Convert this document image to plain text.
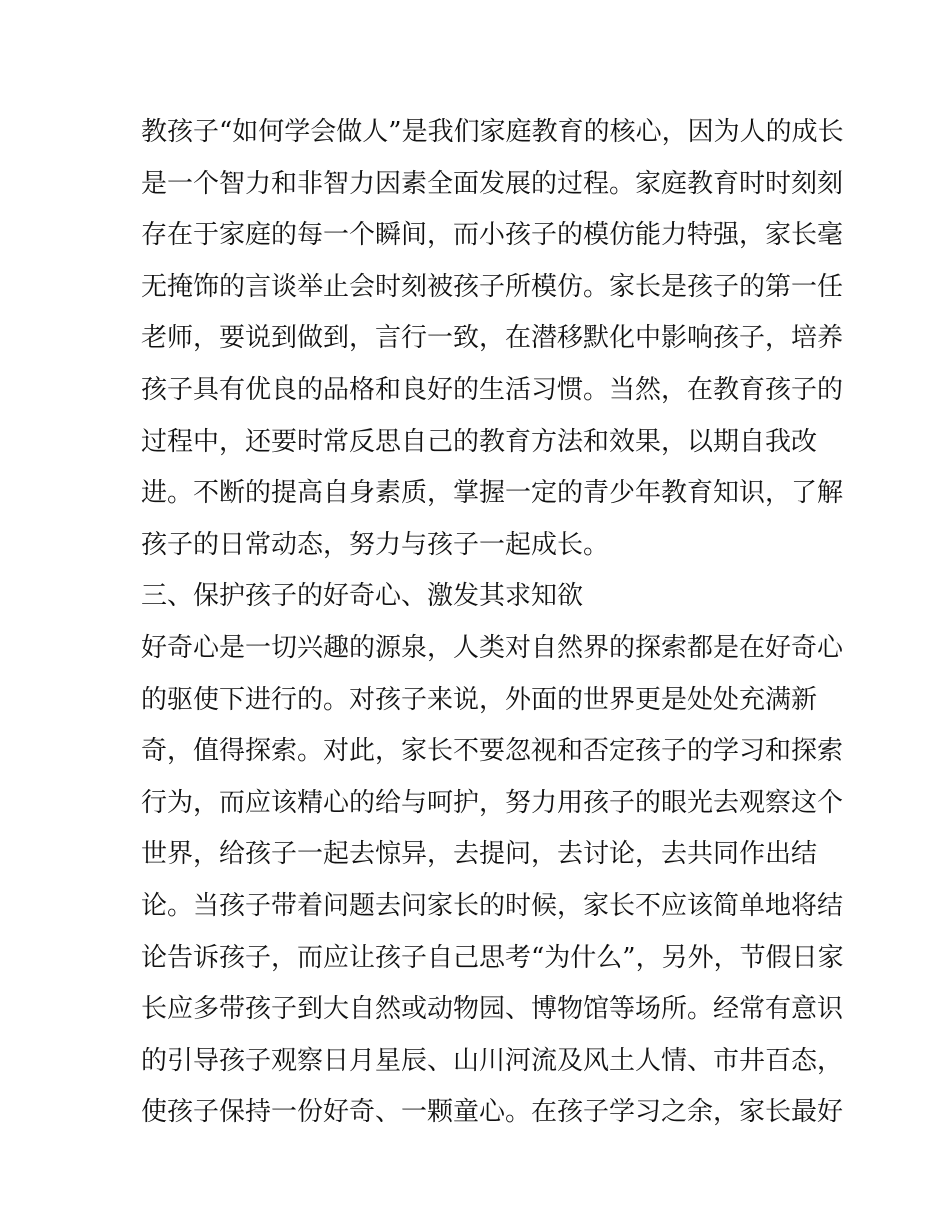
教孩子“如何学会做人”是我们家庭教育的核心，因为人的成长
是一个智力和非智力因素全面发展的过程。家庭教育时时刻刻
存在于家庭的每一个瞬间，而小孩子的模仿能力特强，家长毫
无掩饰的言谈举止会时刻被孩子所模仿。家长是孩子的第一任
老师，要说到做到，言行一致，在潜移默化中影响孩子，培养
孩子具有优良的品格和良好的生活习惯。当然，在教育孩子的
过程中，还要时常反思自己的教育方法和效果，以期自我改
进。不断的提高自身素质，掌握一定的青少年教育知识，了解
孩子的日常动态，努力与孩子一起成长。
三、保护孩子的好奇心、激发其求知欲
好奇心是一切兴趣的源泉，人类对自然界的探索都是在好奇心
的驱使下进行的。对孩子来说，外面的世界更是处处充满新
奇，值得探索。对此，家长不要忽视和否定孩子的学习和探索
行为，而应该精心的给与呵护，努力用孩子的眼光去观察这个
世界，给孩子一起去惊异，去提问，去讨论，去共同作出结
论。当孩子带着问题去问家长的时候，家长不应该简单地将结
论告诉孩子，而应让孩子自己思考“为什么”，另外，节假日家
长应多带孩子到大自然或动物园、博物馆等场所。经常有意识
的引导孩子观察日月星辰、山川河流及风土人情、市井百态，
使孩子保持一份好奇、一颗童心。在孩子学习之余，家长最好
